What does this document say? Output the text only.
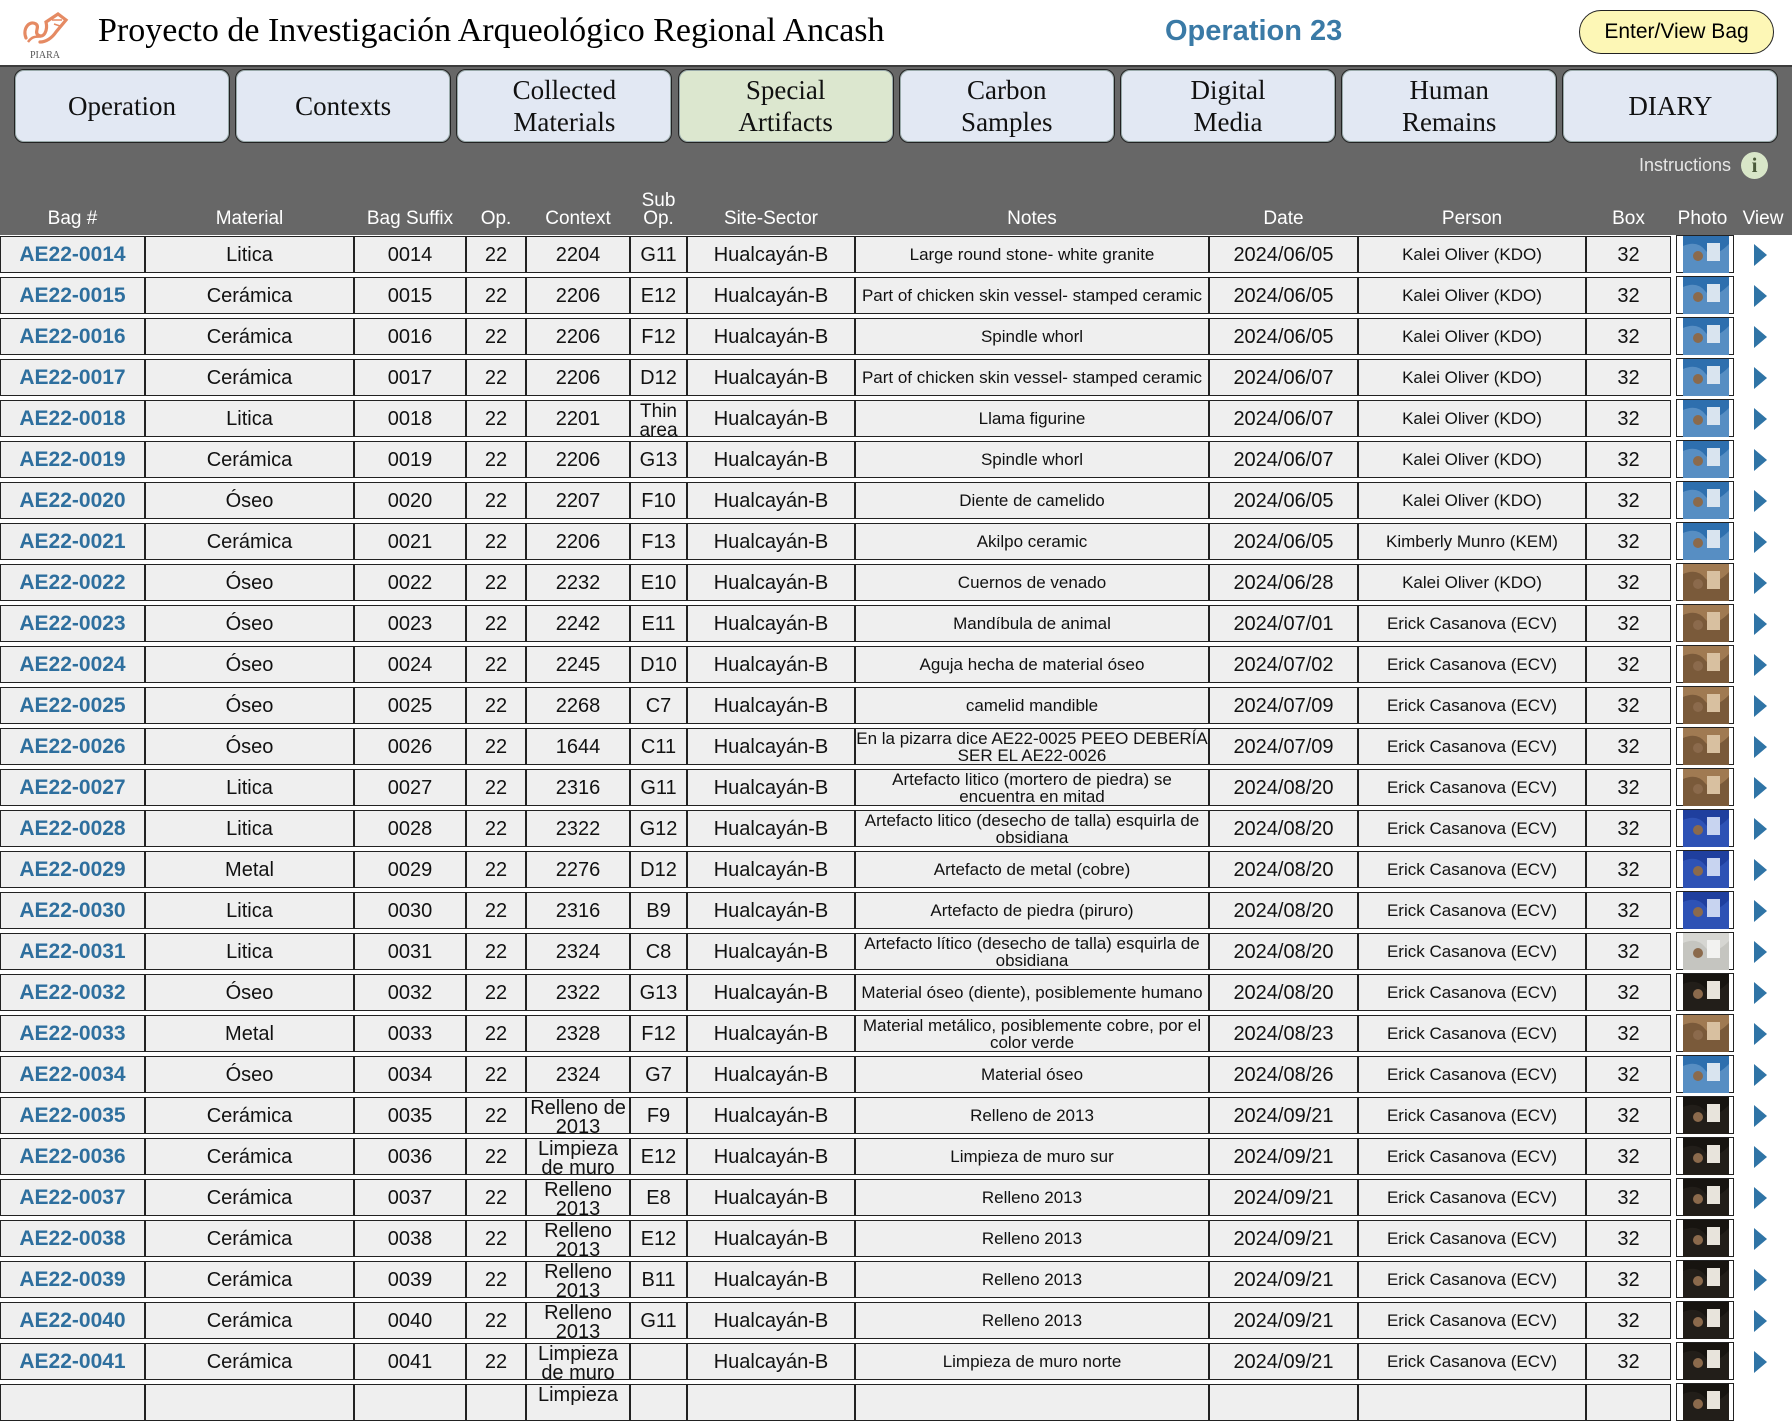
PIARA
Proyecto de Investigación Arqueológico Regional Ancash	Operation 23	Enter/View Bag
Operation	Contexts
Collected Materials
Special Artifacts
Carbon Samples
Digital Media
Human Remains
DIARY
Instructions i
Bag #	Material	Bag Suffix	Op.	Context
Sub Op.	Site-Sector	Notes	Date	Person	Box	Photo View
AE22-0014	Litica	0014	22	2204	G11	Hualcayán-B	Large round stone- white granite	2024/06/05	Kalei Oliver (KDO)	32
AE22-0015	Cerámica	0015	22	2206	E12	Hualcayán-B Part of chicken skin vessel- stamped ceramic 2024/06/05	Kalei Oliver (KDO)	32
AE22-0016	Cerámica	0016	22	2206	F12	Hualcayán-B	Spindle whorl	2024/06/05	Kalei Oliver (KDO)	32
AE22-0017	Cerámica	0017	22	2206	D12	Hualcayán-B Part of chicken skin vessel- stamped ceramic 2024/06/07	Kalei Oliver (KDO)	32
AE22-0018	Litica	0018	22	2201	Thin area
Hualcayán-B	Llama figurine	2024/06/07	Kalei Oliver (KDO)	32
AE22-0019	Cerámica	0019	22	2206	G13	Hualcayán-B	Spindle whorl	2024/06/07	Kalei Oliver (KDO)	32
AE22-0020	Óseo	0020	22	2207	F10	Hualcayán-B	Diente de camelido	2024/06/05	Kalei Oliver (KDO)	32
AE22-0021	Cerámica	0021	22	2206	F13	Hualcayán-B	Akilpo ceramic	2024/06/05	Kimberly Munro (KEM)	32
AE22-0022	Óseo	0022	22	2232	E10	Hualcayán-B	Cuernos de venado	2024/06/28	Kalei Oliver (KDO)	32
AE22-0023	Óseo	0023	22	2242	E11	Hualcayán-B	Mandíbula de animal	2024/07/01	Erick Casanova (ECV)	32
AE22-0024	Óseo	0024	22	2245	D10	Hualcayán-B	Aguja hecha de material óseo	2024/07/02	Erick Casanova (ECV)	32
AE22-0025	Óseo	0025	22	2268	C7	Hualcayán-B	camelid mandible	2024/07/09	Erick Casanova (ECV)	32
AE22-0026	Óseo	0026	22	1644	C11	Hualcayán-B En la pizarra dice AE22-0025 PEEO DEBERÍA SER EL AE22-0026	2024/07/09	Erick Casanova (ECV)	32
AE22-0027	Litica	0027	22	2316	G11	Hualcayán-B	Artefacto litico (mortero de piedra) se encuentra en mitad	2024/08/20	Erick Casanova (ECV)	32
AE22-0028	Litica	0028	22	2322	G12	Hualcayán-B	Artefacto litico (desecho de talla) esquirla de obsidiana	2024/08/20	Erick Casanova (ECV)	32
AE22-0029	Metal	0029	22	2276	D12	Hualcayán-B	Artefacto de metal (cobre)	2024/08/20	Erick Casanova (ECV)	32
AE22-0030	Litica	0030	22	2316	B9	Hualcayán-B	Artefacto de piedra (piruro)	2024/08/20	Erick Casanova (ECV)	32
AE22-0031	Litica	0031	22	2324	C8	Hualcayán-B	Artefacto lítico (desecho de talla) esquirla de obsidiana	2024/08/20	Erick Casanova (ECV)	32
AE22-0032	Óseo	0032	22	2322	G13	Hualcayán-B Material óseo (diente), posiblemente humano 2024/08/20	Erick Casanova (ECV)	32
AE22-0033	Metal	0033	22	2328	F12	Hualcayán-B	Material metálico, posiblemente cobre, por el color verde	2024/08/23	Erick Casanova (ECV)	32
AE22-0034	Óseo	0034	22	2324	G7	Hualcayán-B	Material óseo	2024/08/26	Erick Casanova (ECV)	32
AE22-0035	Cerámica	0035	22 Relleno de 2013
F9	Hualcayán-B	Relleno de 2013	2024/09/21	Erick Casanova (ECV)	32
AE22-0036	Cerámica	0036	22	Limpieza de muro
E12	Hualcayán-B	Limpieza de muro sur	2024/09/21	Erick Casanova (ECV)	32
AE22-0037	Cerámica	0037	22	Relleno 2013
E8	Hualcayán-B	Relleno 2013	2024/09/21	Erick Casanova (ECV)	32
AE22-0038	Cerámica	0038	22	Relleno 2013
E12	Hualcayán-B	Relleno 2013	2024/09/21	Erick Casanova (ECV)	32
AE22-0039	Cerámica	0039	22	Relleno 2013
B11	Hualcayán-B	Relleno 2013	2024/09/21	Erick Casanova (ECV)	32
AE22-0040	Cerámica	0040	22	Relleno 2013
G11	Hualcayán-B	Relleno 2013	2024/09/21	Erick Casanova (ECV)	32
AE22-0041	Cerámica	0041	22	Limpieza de muro
Hualcayán-B	Limpieza de muro norte	2024/09/21	Erick Casanova (ECV)	32
Limpieza
